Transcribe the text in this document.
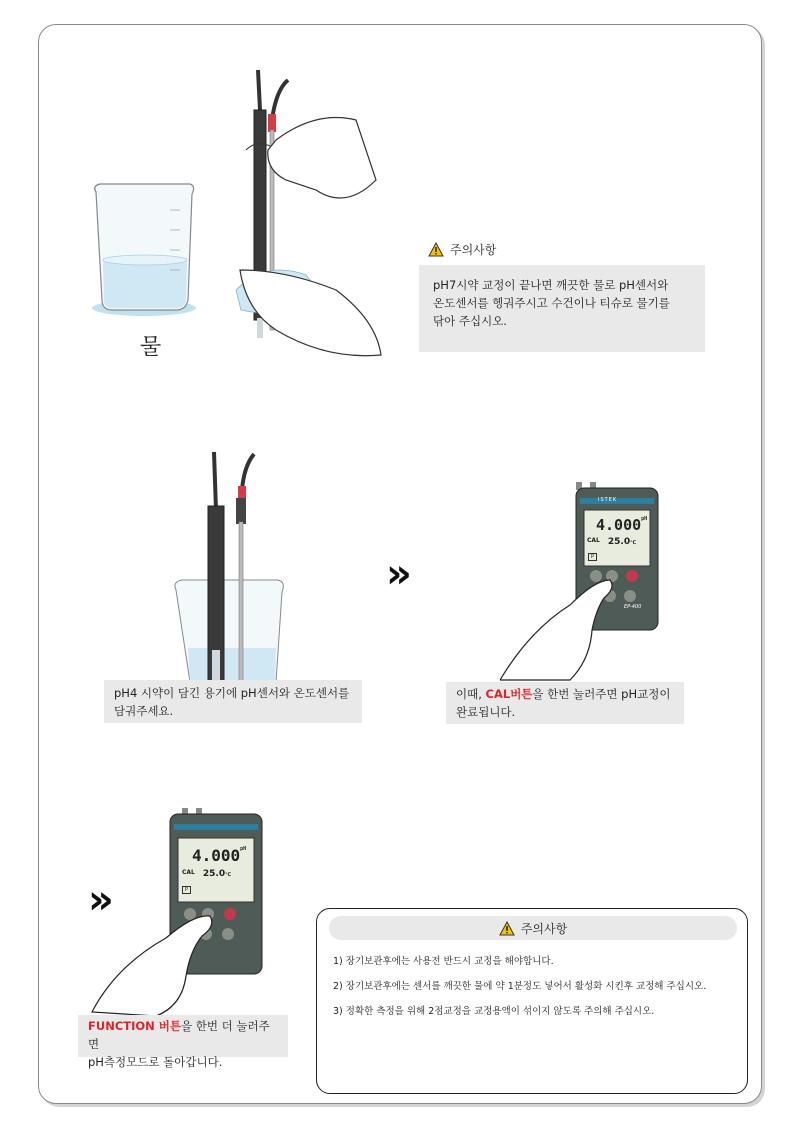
물
주의사항

pH7시약 교정이 끝나면 깨끗한 물로 pH센서와

온도센서를 헹궈주시고 수건이나 티슈로 물기를

닦아 주십시오.

pH4 시약이 담긴 용기에 pH센서와 온도센서를

담궈주세요.

»
ISTEK
$4.000^{pH}$
CAL 25.0℃
P
EP-400

이때, CAL버튼을 한번 눌러주면 pH교정이

완료됩니다.

»
$4.000^{pH}$
CAL 25.0℃
P

FUNCTION 버튼을 한번 더 눌러주면

pH측정모드로 돌아갑니다.

주의사항
1) 장기보관후에는 사용전 반드시 교정을 해야합니다.
2) 장기보관후에는 센서를 깨끗한 물에 약 1분정도 넣어서 활성화 시킨후 교정해 주십시오.
3) 정확한 측정을 위해 2점교정을 교정용액이 섞이지 않도록 주의해 주십시오.
